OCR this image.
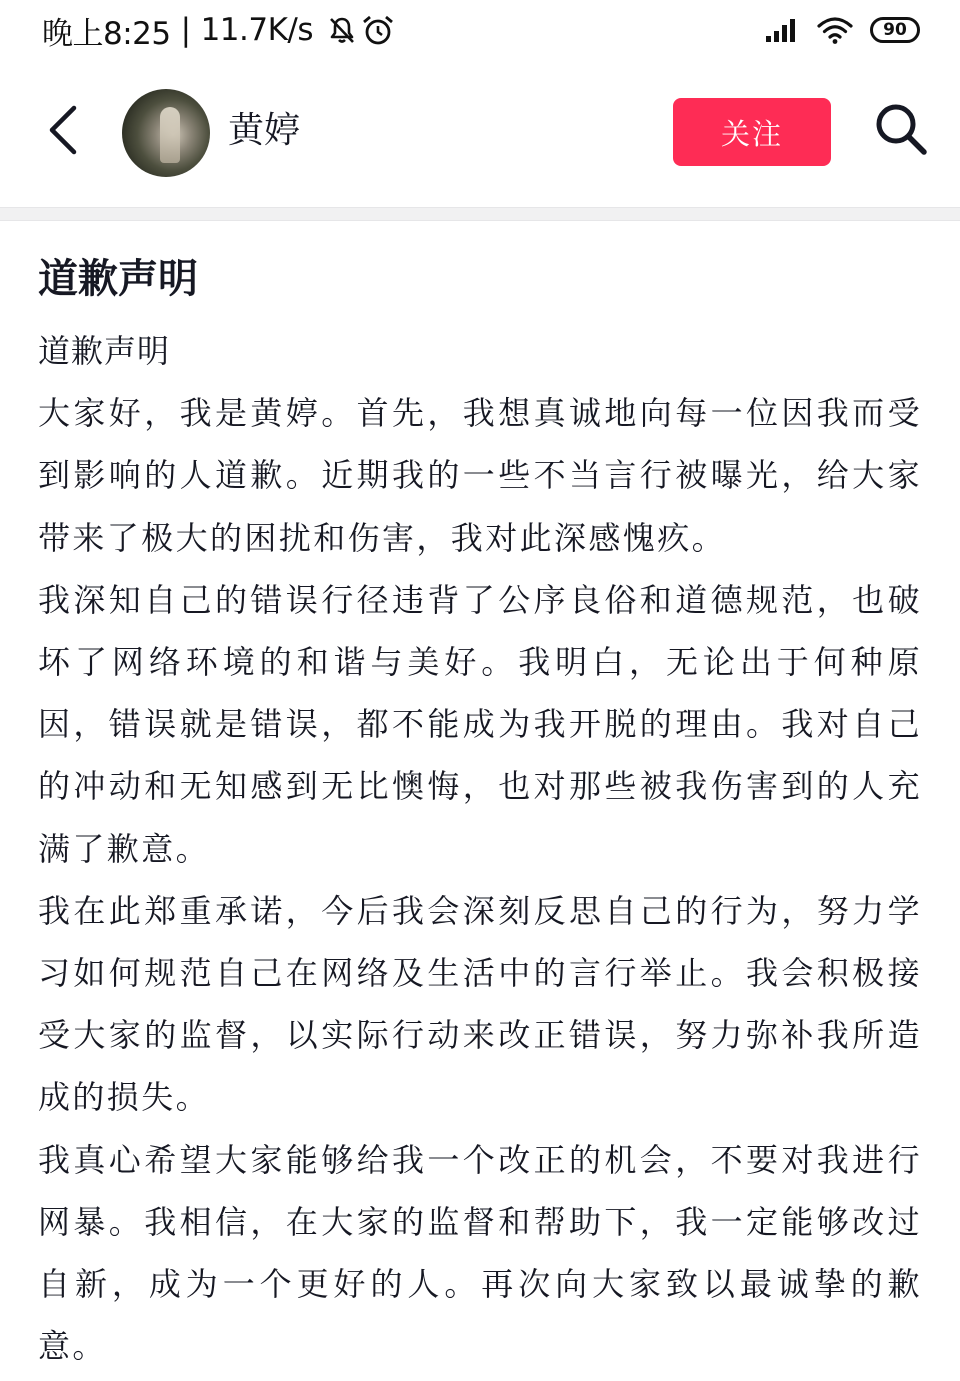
晚上8:25 | 11.7K/s	90
黄婷	关注
道歉声明

道歉声明

大家好，我是黄婷。首先，我想真诚地向每一位因我而受到影响的人道歉。近期我的一些不当言行被曝光，给大家带来了极大的困扰和伤害，我对此深感愧疚。

我深知自己的错误行径违背了公序良俗和道德规范，也破坏了网络环境的和谐与美好。我明白，无论出于何种原因，错误就是错误，都不能成为我开脱的理由。我对自己的冲动和无知感到无比懊悔，也对那些被我伤害到的人充满了歉意。

我在此郑重承诺，今后我会深刻反思自己的行为，努力学习如何规范自己在网络及生活中的言行举止。我会积极接受大家的监督，以实际行动来改正错误，努力弥补我所造成的损失。

我真心希望大家能够给我一个改正的机会，不要对我进行网暴。我相信，在大家的监督和帮助下，我一定能够改过自新，成为一个更好的人。再次向大家致以最诚挚的歉意。
